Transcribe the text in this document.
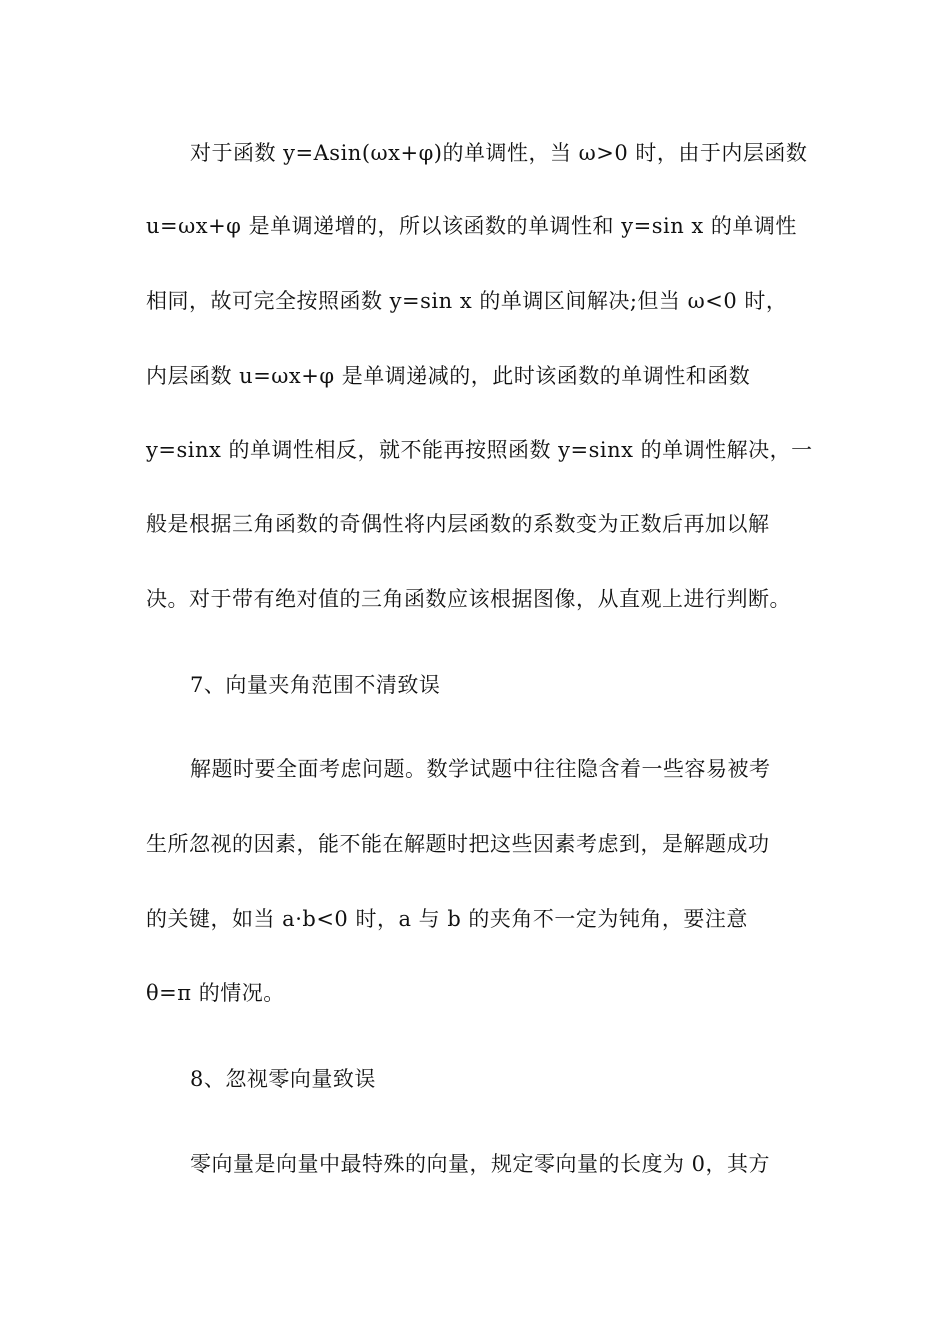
对于函数 y=Asin(ωx+φ)的单调性，当 ω>0 时，由于内层函数
u=ωx+φ 是单调递增的，所以该函数的单调性和 y=sin x 的单调性
相同，故可完全按照函数 y=sin x 的单调区间解决;但当 ω<0 时，
内层函数 u=ωx+φ 是单调递减的，此时该函数的单调性和函数
y=sinx 的单调性相反，就不能再按照函数 y=sinx 的单调性解决，一
般是根据三角函数的奇偶性将内层函数的系数变为正数后再加以解
决。对于带有绝对值的三角函数应该根据图像，从直观上进行判断。
7、向量夹角范围不清致误
解题时要全面考虑问题。数学试题中往往隐含着一些容易被考
生所忽视的因素，能不能在解题时把这些因素考虑到，是解题成功
的关键，如当 a·b<0 时，a 与 b 的夹角不一定为钝角，要注意
θ=π 的情况。
8、忽视零向量致误
零向量是向量中最特殊的向量，规定零向量的长度为 0，其方
